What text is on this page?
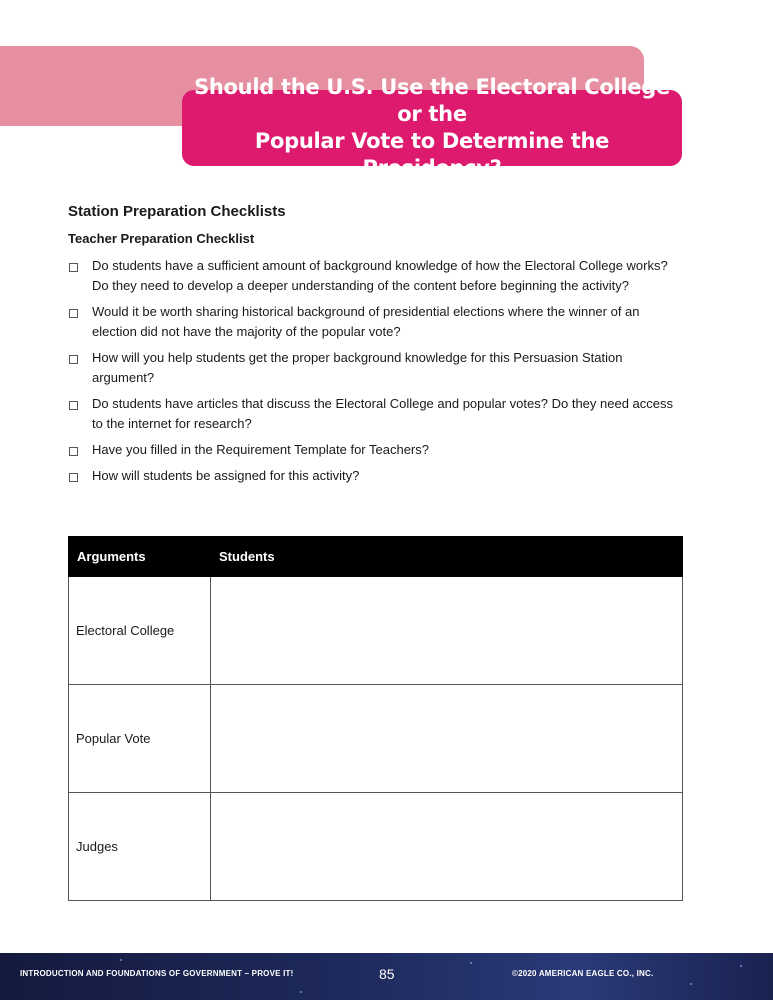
Should the U.S. Use the Electoral College or the
Popular Vote to Determine the Presidency?
Station Preparation Checklists
Teacher Preparation Checklist
Do students have a sufficient amount of background knowledge of how the Electoral College works? Do they need to develop a deeper understanding of the content before beginning the activity?
Would it be worth sharing historical background of presidential elections where the winner of an election did not have the majority of the popular vote?
How will you help students get the proper background knowledge for this Persuasion Station argument?
Do students have articles that discuss the Electoral College and popular votes? Do they need access to the internet for research?
Have you filled in the Requirement Template for Teachers?
How will students be assigned for this activity?
Arguments	Students
Electoral College	
Popular Vote	
Judges	
INTRODUCTION AND FOUNDATIONS OF GOVERNMENT – PROVE IT!	85	©2020 AMERICAN EAGLE CO., INC.
